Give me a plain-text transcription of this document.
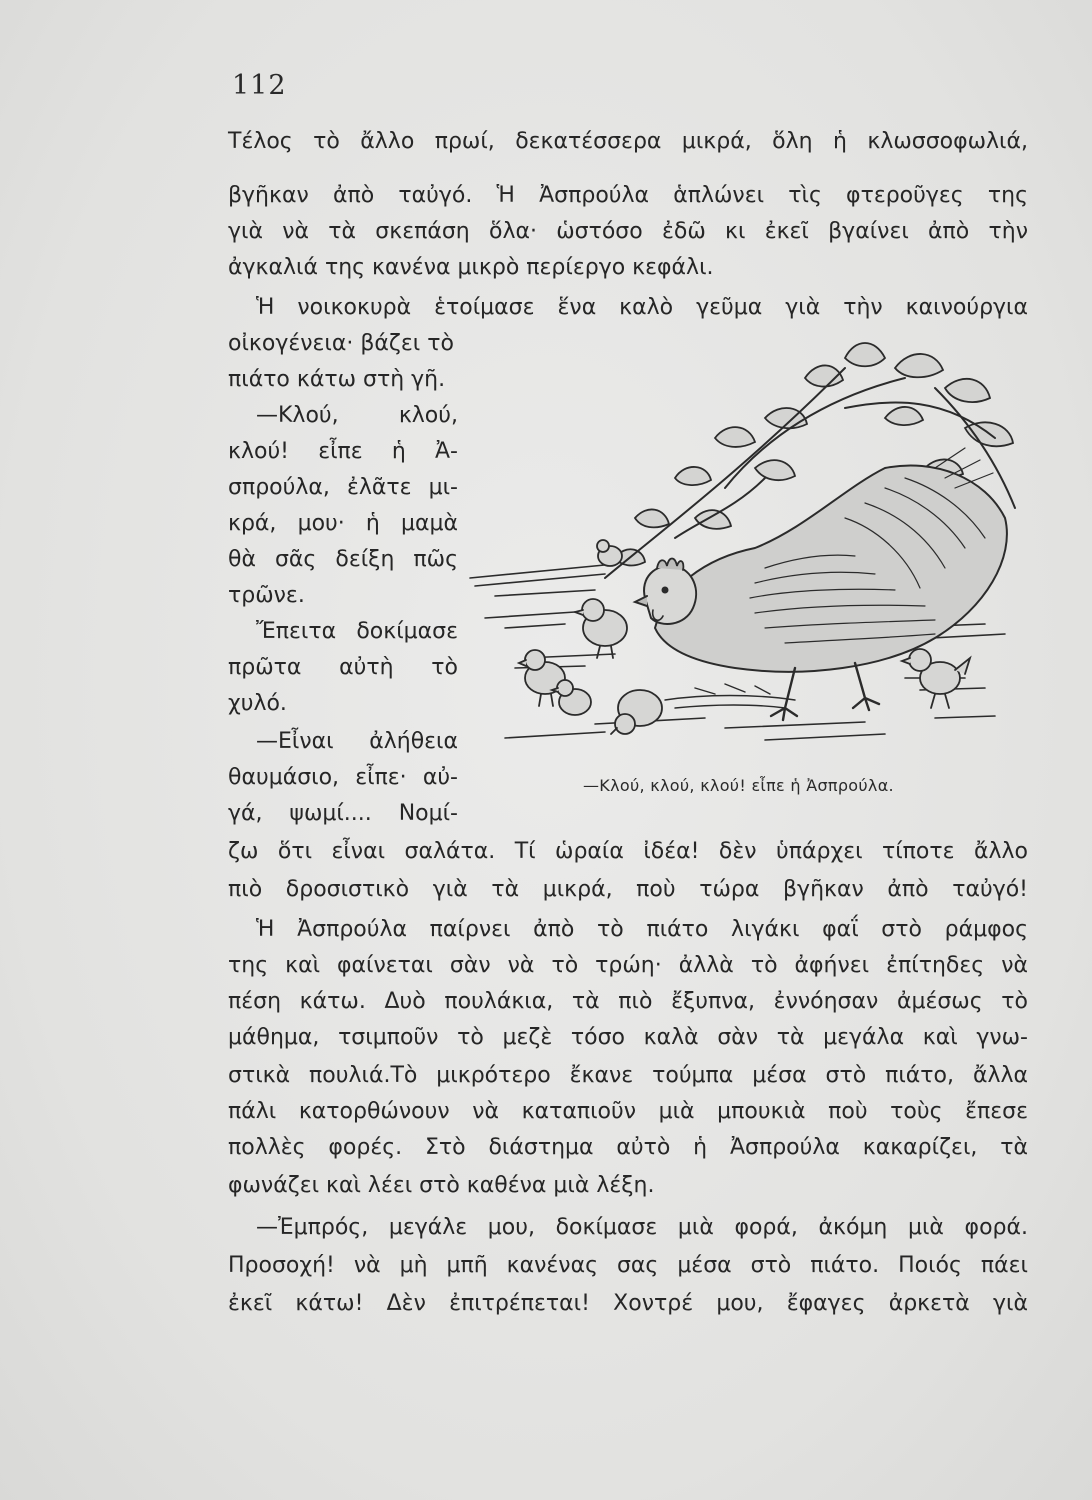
112
Τέλος τὸ ἄλλο πρωί, δεκατέσσερα μικρά, ὅλη ἡ κλωσσοφωλιά,
βγῆκαν ἀπὸ ταὐγό. Ἡ Ἀσπρούλα ἁπλώνει τὶς φτεροῦγες της
γιὰ νὰ τὰ σκεπάση ὅλα· ὡστόσο ἐδῶ κι ἐκεῖ βγαίνει ἀπὸ τὴν
ἀγκαλιά της κανένα μικρὸ περίεργο κεφάλι.
Ἡ νοικοκυρὰ ἑτοίμασε ἕνα καλὸ γεῦμα γιὰ τὴν καινούργια
οἰκογένεια· βάζει τὸ
πιάτο κάτω στὴ γῆ.
—Κλού, κλού,
κλού! εἶπε ἡ Ἀ-
σπρούλα, ἐλᾶτε μι-
κρά, μου· ἡ μαμὰ
θὰ σᾶς δείξη πῶς
τρῶνε.
Ἔπειτα δοκίμασε
πρῶτα αὐτὴ τὸ
χυλό.
—Εἶναι ἀλήθεια
θαυμάσιο, εἶπε· αὐ-
γά, ψωμί.... Νομί-
ζω ὅτι εἶναι σαλάτα. Τί ὡραία ἰδέα! δὲν ὑπάρχει τίποτε ἄλλο
πιὸ δροσιστικὸ γιὰ τὰ μικρά, ποὺ τώρα βγῆκαν ἀπὸ ταὐγό!
Ἡ Ἀσπρούλα παίρνει ἀπὸ τὸ πιάτο λιγάκι φαΐ στὸ ράμφος
της καὶ φαίνεται σὰν νὰ τὸ τρώη· ἀλλὰ τὸ ἀφήνει ἐπίτηδες νὰ
πέση κάτω. Δυὸ πουλάκια, τὰ πιὸ ἔξυπνα, ἐννόησαν ἀμέσως τὸ
μάθημα, τσιμποῦν τὸ μεζὲ τόσο καλὰ σὰν τὰ μεγάλα καὶ γνω-
στικὰ πουλιά.Τὸ μικρότερο ἔκανε τούμπα μέσα στὸ πιάτο, ἄλλα
πάλι κατορθώνουν νὰ καταπιοῦν μιὰ μπουκιὰ ποὺ τοὺς ἔπεσε
πολλὲς φορές. Στὸ διάστημα αὐτὸ ἡ Ἀσπρούλα κακαρίζει, τὰ
φωνάζει καὶ λέει στὸ καθένα μιὰ λέξη.
—Ἐμπρός, μεγάλε μου, δοκίμασε μιὰ φορά, ἀκόμη μιὰ φορά.
Προσοχή! νὰ μὴ μπῆ κανένας σας μέσα στὸ πιάτο. Ποιός πάει
ἐκεῖ κάτω! Δὲν ἐπιτρέπεται! Χοντρέ μου, ἔφαγες ἀρκετὰ γιὰ
—Κλού, κλού, κλού! εἶπε ἡ Ἀσπρούλα.
